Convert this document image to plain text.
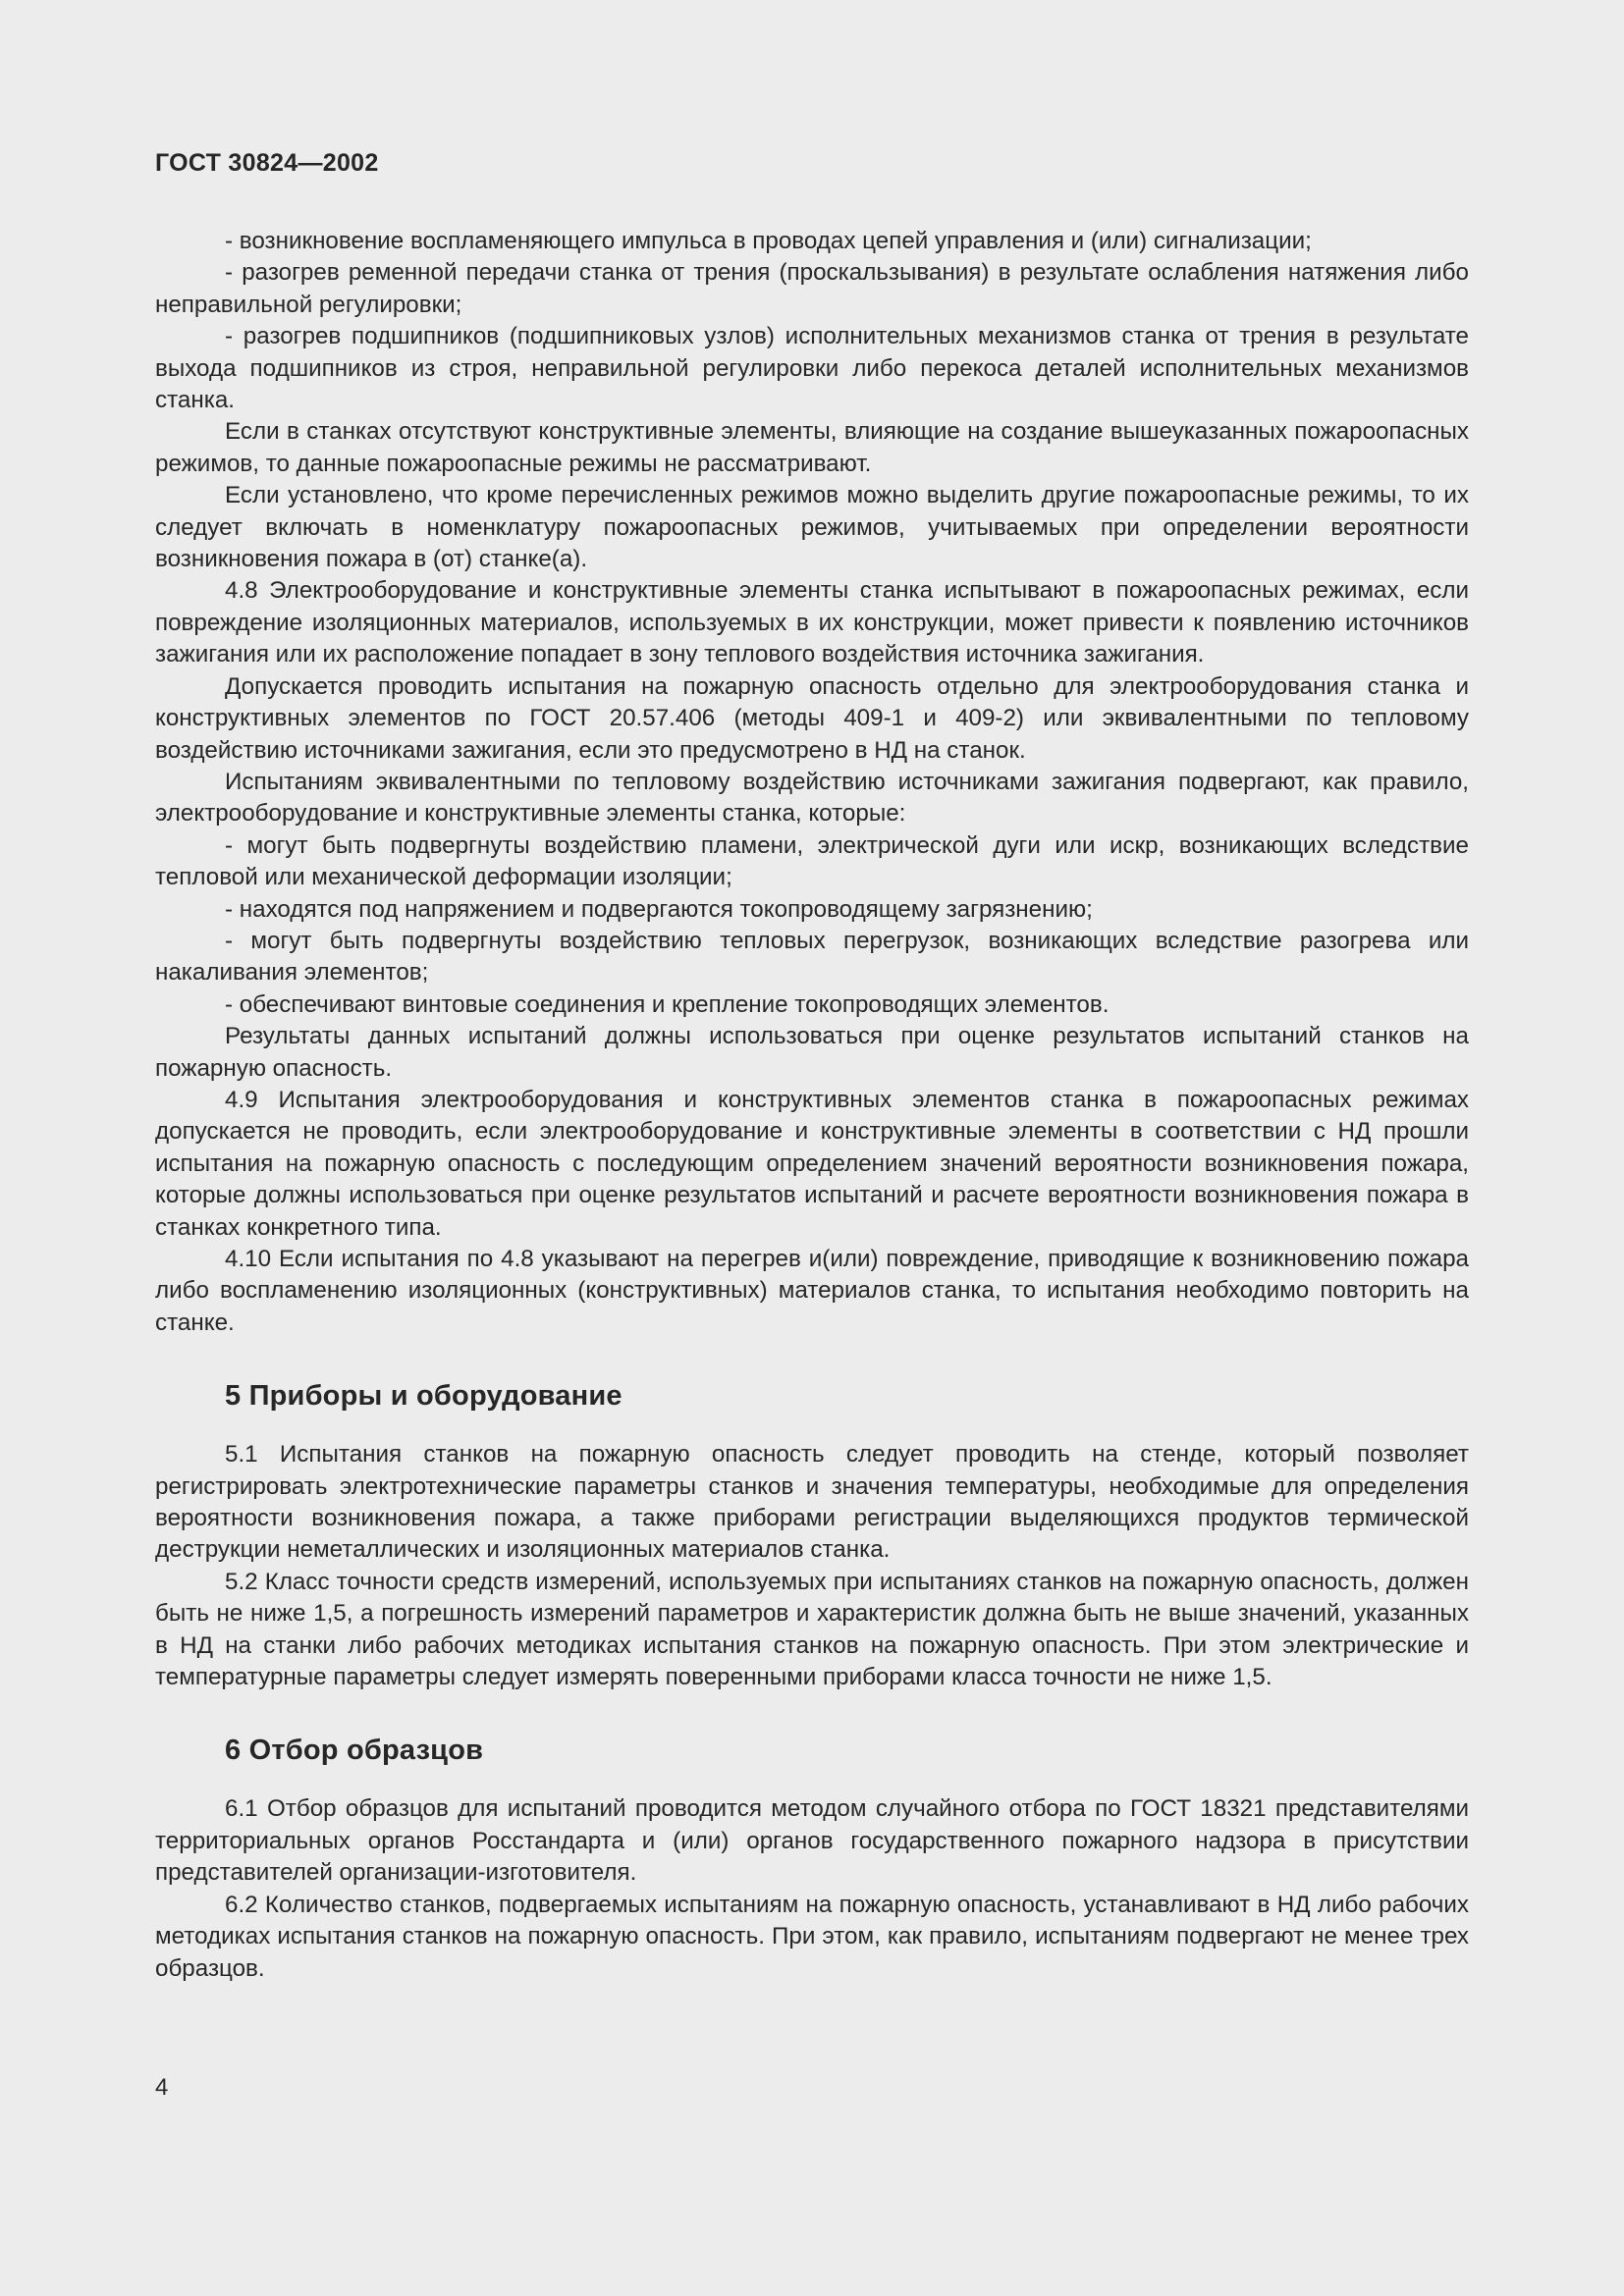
ГОСТ 30824—2002

- возникновение воспламеняющего импульса в проводах цепей управления и (или) сигнализации;

- разогрев ременной передачи станка от трения (проскальзывания) в результате ослабления натяжения либо неправильной регулировки;

- разогрев подшипников (подшипниковых узлов) исполнительных механизмов станка от трения в результате выхода подшипников из строя, неправильной регулировки либо перекоса деталей исполнительных механизмов станка.

Если в станках отсутствуют конструктивные элементы, влияющие на создание вышеуказанных пожароопасных режимов, то данные пожароопасные режимы не рассматривают.

Если установлено, что кроме перечисленных режимов можно выделить другие пожароопасные режимы, то их следует включать в номенклатуру пожароопасных режимов, учитываемых при определении вероятности возникновения пожара в (от) станке(а).

4.8 Электрооборудование и конструктивные элементы станка испытывают в пожароопасных режимах, если повреждение изоляционных материалов, используемых в их конструкции, может привести к появлению источников зажигания или их расположение попадает в зону теплового воздействия источника зажигания.

Допускается проводить испытания на пожарную опасность отдельно для электрооборудования станка и конструктивных элементов по ГОСТ 20.57.406 (методы 409-1 и 409-2) или эквивалентными по тепловому воздействию источниками зажигания, если это предусмотрено в НД на станок.

Испытаниям эквивалентными по тепловому воздействию источниками зажигания подвергают, как правило, электрооборудование и конструктивные элементы станка, которые:

- могут быть подвергнуты воздействию пламени, электрической дуги или искр, возникающих вследствие тепловой или механической деформации изоляции;

- находятся под напряжением и подвергаются токопроводящему загрязнению;

- могут быть подвергнуты воздействию тепловых перегрузок, возникающих вследствие разогрева или накаливания элементов;

- обеспечивают винтовые соединения и крепление токопроводящих элементов.

Результаты данных испытаний должны использоваться при оценке результатов испытаний станков на пожарную опасность.

4.9 Испытания электрооборудования и конструктивных элементов станка в пожароопасных режимах допускается не проводить, если электрооборудование и конструктивные элементы в соответствии с НД прошли испытания на пожарную опасность с последующим определением значений вероятности возникновения пожара, которые должны использоваться при оценке результатов испытаний и расчете вероятности возникновения пожара в станках конкретного типа.

4.10 Если испытания по 4.8 указывают на перегрев и(или) повреждение, приводящие к возникновению пожара либо воспламенению изоляционных (конструктивных) материалов станка, то испытания необходимо повторить на станке.

5 Приборы и оборудование

5.1 Испытания станков на пожарную опасность следует проводить на стенде, который позволяет регистрировать электротехнические параметры станков и значения температуры, необходимые для определения вероятности возникновения пожара, а также приборами регистрации выделяющихся продуктов термической деструкции неметаллических и изоляционных материалов станка.

5.2 Класс точности средств измерений, используемых при испытаниях станков на пожарную опасность, должен быть не ниже 1,5, а погрешность измерений параметров и характеристик должна быть не выше значений, указанных в НД на станки либо рабочих методиках испытания станков на пожарную опасность. При этом электрические и температурные параметры следует измерять поверенными приборами класса точности не ниже 1,5.

6 Отбор образцов

6.1 Отбор образцов для испытаний проводится методом случайного отбора по ГОСТ 18321 представителями территориальных органов Росстандарта и (или) органов государственного пожарного надзора в присутствии представителей организации-изготовителя.

6.2 Количество станков, подвергаемых испытаниям на пожарную опасность, устанавливают в НД либо рабочих методиках испытания станков на пожарную опасность. При этом, как правило, испытаниям подвергают не менее трех образцов.

4
